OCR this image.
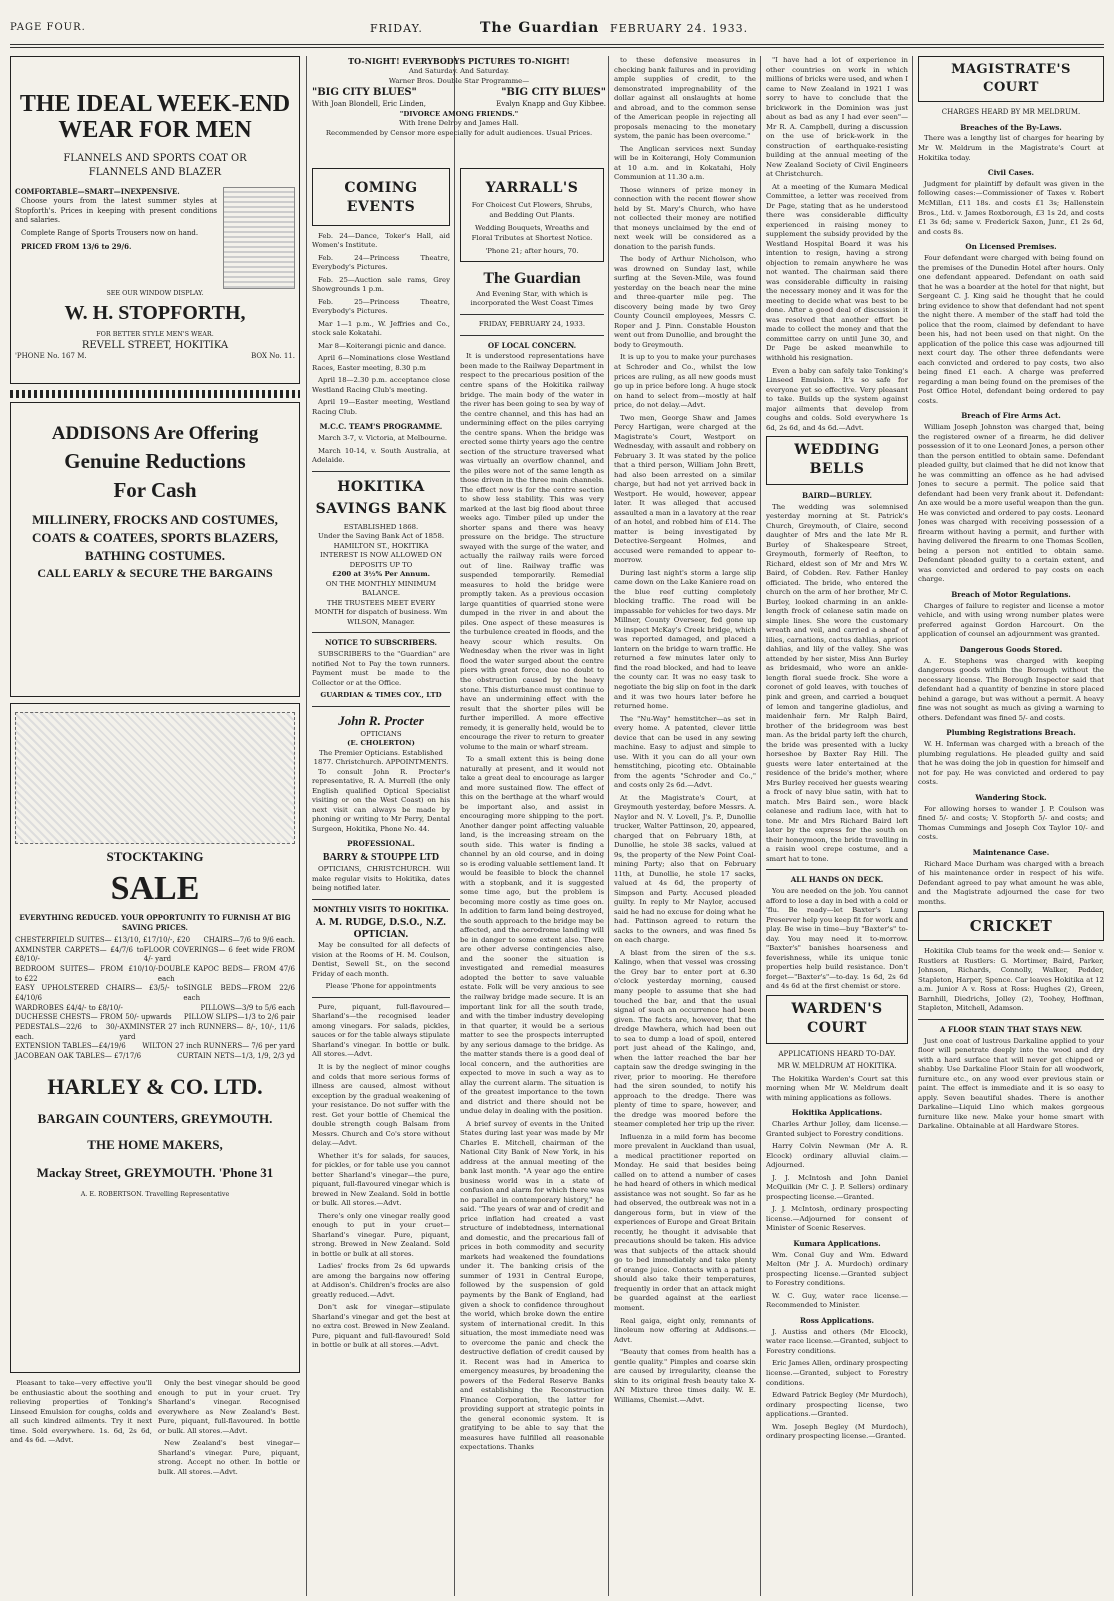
PAGE FOUR.	FRIDAY.	The Guardian FEBRUARY 24. 1933.
THE IDEAL WEEK-END
WEAR FOR MEN
FLANNELS AND SPORTS COAT OR FLANNELS AND BLAZER
COMFORTABLE—SMART—INEXPENSIVE.

Choose yours from the latest summer styles at Stopforth's. Prices in keeping with present conditions and salaries.

Complete Range of Sports Trousers now on hand.

PRICED FROM 13/6 to 29/6.

SEE OUR WINDOW DISPLAY.
W. H. STOPFORTH,
FOR BETTER STYLE MEN'S WEAR.
REVELL STREET, HOKITIKA
'PHONE No. 167 M.	BOX No. 11.
ADDISONS Are Offering
Genuine Reductions
For Cash
MILLINERY, FROCKS AND COSTUMES,
COATS & COATEES, SPORTS BLAZERS,
BATHING COSTUMES.
CALL EARLY & SECURE THE BARGAINS
STOCKTAKING
SALE
EVERYTHING REDUCED. YOUR OPPORTUNITY TO FURNISH AT BIG SAVING PRICES.
CHESTERFIELD SUITES— £13/10, £17/10/-, £20 CHAIRS—7/6 to 9/6 each.
AXMINSTER CARPETS— £4/7/6 to £8/10/-
FLOOR COVERINGS— 6 feet wide FROM 4/- yard
BEDROOM SUITES— FROM £10/10/- to £22
DOUBLE KAPOC BEDS— FROM 47/6 each
EASY UPHOLSTERED CHAIRS— £3/5/- to £4/10/6
SINGLE BEDS—FROM 22/6 each
WARDROBES £4/4/- to £8/10/-	PILLOWS—3/9 to 5/6 each
DUCHESSE CHESTS— FROM 50/- upwards PILLOW SLIPS—1/3 to 2/6 pair
PEDESTALS—22/6 to 30/- each.
AXMINSTER 27 inch RUNNERS— 8/-, 10/-, 11/6 yard
EXTENSION TABLES—£4/19/6 WILTON 27 inch RUNNERS— 7/6 per yard
JACOBEAN OAK TABLES— £7/17/6	CURTAIN NETS—1/3, 1/9, 2/3 yd
HARLEY & CO. LTD.
BARGAIN COUNTERS, GREYMOUTH.
THE HOME MAKERS,
Mackay Street, GREYMOUTH. 'Phone 31
A. E. ROBERTSON. Travelling Representative

Pleasant to take—very effective you'll be enthusiastic about the soothing and relieving properties of Tonking's Linseed Emulsion for coughs, colds and all such kindred ailments. Try it next time. Sold everywhere. 1s. 6d, 2s 6d, and 4s 6d. —Advt.

Only the best vinegar should be good enough to put in your cruet. Try Sharland's vinegar. Recognised everywhere as New Zealand's Best. Pure, piquant, full-flavoured. In bottle or bulk. All stores.—Advt.

New Zealand's best vinegar—Sharland's vinegar. Pure, piquant, strong. Accept no other. In bottle or bulk. All stores.—Advt.

TO-NIGHT! EVERYBODYS PICTURES TO-NIGHT!
And Saturday. And Saturday.
Warner Bros. Double Star Programme—
"BIG CITY BLUES"	"BIG CITY BLUES"
With Joan Blondell, Eric Linden,	Evalyn Knapp and Guy Kibbee.
"DIVORCE AMONG FRIENDS."
With Irene Delroy and James Hall.
Recommended by Censor more especially for adult audiences. Usual Prices.
COMING EVENTS

Feb. 24—Dance, Toker's Hall, aid Women's Institute.

Feb. 24—Princess Theatre, Everybody's Pictures.

Feb. 25—Auction sale rams, Grey Showgrounds 1 p.m.

Feb. 25—Princess Theatre, Everybody's Pictures.

Mar 1—1 p.m., W. Jeffries and Co., stock sale Kokatahi.

Mar 8—Koiterangi picnic and dance.

April 6—Nominations close Westland Races, Easter meeting, 8.30 p.m

April 18—2.30 p.m. acceptance close Westland Racing Club's meeting.

April 19—Easter meeting, Westland Racing Club.

M.C.C. TEAM'S PROGRAMME.

March 3-7, v. Victoria, at Melbourne.

March 10-14, v. South Australia, at Adelaide.

HOKITIKA
SAVINGS BANK
ESTABLISHED 1868.
Under the Saving Bank Act of 1858.
HAMILTON ST., HOKITIKA
INTEREST IS NOW ALLOWED ON DEPOSITS UP TO
£200 at 3½% Per Annum.
ON THE MONTHLY MINIMUM BALANCE.
THE TRUSTEES MEET EVERY MONTH for dispatch of business. Wm WILSON, Manager.
NOTICE TO SUBSCRIBERS.

SUBSCRIBERS to the "Guardian" are notified Not to Pay the town runners. Payment must be made to the Collector or at the Office.

GUARDIAN & TIMES COY., LTD
John R. Procter
OPTICIANS
(E. CHOLERTON)
The Premier Opticians. Established 1877. Christchurch. APPOINTMENTS.

To consult John R. Procter's representative, R. A. Murrell (the only English qualified Optical Specialist visiting or on the West Coast) on his next visit can always be made by phoning or writing to Mr Perry, Dental Surgeon, Hokitika, Phone No. 44.

PROFESSIONAL.
BARRY & STOUPPE LTD

OPTICIANS, CHRISTCHURCH. Will make regular visits to Hokitika, dates being notified later.

MONTHLY VISITS TO HOKITIKA.
A. M. RUDGE, D.S.O., N.Z. OPTICIAN.

May be consulted for all defects of vision at the Rooms of H. M. Coulson, Dentist, Sewell St., on the second Friday of each month.

Please 'Phone for appointments

Pure, piquant, full-flavoured—Sharland's—the recognised leader among vinegars. For salads, pickles, sauces or for the table always stipulate Sharland's vinegar. In bottle or bulk. All stores.—Advt.

It is by the neglect of minor coughs and colds that more serious forms of illness are caused, almost without exception by the gradual weakening of your resistance. Do not suffer with the rest. Get your bottle of Chemical the double strength cough Balsam from Messrs. Church and Co's store without delay.—Advt.

Whether it's for salads, for sauces, for pickles, or for table use you cannot better Sharland's vinegar—the pure, piquant, full-flavoured vinegar which is brewed in New Zealand. Sold in bottle or bulk. All stores.—Advt.

There's only one vinegar really good enough to put in your cruet—Sharland's vinegar. Pure, piquant, strong. Brewed in New Zealand. Sold in bottle or bulk at all stores.

Ladies' frocks from 2s 6d upwards are among the bargains now offering at Addison's. Children's frocks are also greatly reduced.—Advt.

Don't ask for vinegar—stipulate Sharland's vinegar and get the best at no extra cost. Brewed in New Zealand. Pure, piquant and full-flavoured! Sold in bottle or bulk at all stores.—Advt.

YARRALL'S
For Choicest Cut Flowers, Shrubs, and Bedding Out Plants.
Wedding Bouquets, Wreaths and Floral Tributes at Shortest Notice.
'Phone 21; after hours, 70.
The Guardian
And Evening Star, with which is incorporated the West Coast Times
FRIDAY, FEBRUARY 24, 1933.
OF LOCAL CONCERN.

It is understood representations have been made to the Railway Department in respect to the precarious position of the centre spans of the Hokitika railway bridge. The main body of the water in the river has been going to sea by way of the centre channel, and this has had an undermining effect on the piles carrying the centre spans. When the bridge was erected some thirty years ago the centre section of the structure traversed what was virtually an overflow channel, and the piles were not of the same length as those driven in the three main channels. The effect now is for the centre section to show less stability. This was very marked at the last big flood about three weeks ago. Timber piled up under the shorter spans and there was heavy pressure on the bridge. The structure swayed with the surge of the water, and actually the railway rails were forced out of line. Railway traffic was suspended temporarily. Remedial measures to hold the bridge were promptly taken. As a previous occasion large quantities of quarried stone were dumped in the river in and about the piles. One aspect of these measures is the turbulence created in floods, and the heavy scour which results. On Wednesday when the river was in light flood the water surged about the centre piers with great force, due no doubt to the obstruction caused by the heavy stone. This disturbance must continue to have an undermining effect with the result that the shorter piles will be further imperilled. A more effective remedy, it is generally held, would be to encourage the river to return to greater volume to the main or wharf stream.

To a small extent this is being done naturally at present, and it would not take a great deal to encourage as larger and more sustained flow. The effect of this on the berthage at the wharf would be important also, and assist in encouraging more shipping to the port. Another danger point affecting valuable land, is the increasing stream on the south side. This water is finding a channel by an old course, and in doing so is eroding valuable settlement land. It would be feasible to block the channel with a stopbank, and it is suggested some time ago, but the problem is becoming more costly as time goes on. In addition to farm land being destroyed, the south approach to the bridge may be affected, and the aerodrome landing will be in danger to some extent also. There are other adverse contingencies also, and the sooner the situation is investigated and remedial measures adopted the better to save valuable estate. Folk will be very anxious to see the railway bridge made secure. It is an important link for all the south trade, and with the timber industry developing in that quarter, it would be a serious matter to see the prospects interrupted by any serious damage to the bridge. As the matter stands there is a good deal of local concern, and the authorities are expected to move in such a way as to allay the current alarm. The situation is of the greatest importance to the town and district and there should not be undue delay in dealing with the position.

A brief survey of events in the United States during last year was made by Mr Charles E. Mitchell, chairman of the National City Bank of New York, in his address at the annual meeting of the bank last month. "A year ago the entire business world was in a state of confusion and alarm for which there was no parallel in contemporary history," he said. "The years of war and of credit and price inflation had created a vast structure of indebtedness, international and domestic, and the precarious fall of prices in both commodity and security markets had weakened the foundations under it. The banking crisis of the summer of 1931 in Central Europe, followed by the suspension of gold payments by the Bank of England, had given a shock to confidence throughout the world, which broke down the entire system of international credit. In this situation, the most immediate need was to overcome the panic and check the destructive deflation of credit caused by it. Recent was had in America to emergency measures, by broadening the powers of the Federal Reserve Banks and establishing the Reconstruction Finance Corporation, the latter for providing support at strategic points in the general economic system. It is gratifying to be able to say that the measures have fulfilled all reasonable expectations. Thanks

to these defensive measures in checking bank failures and in providing ample supplies of credit, to the demonstrated impregnability of the dollar against all onslaughts at home and abroad, and to the common sense of the American people in rejecting all proposals menacing to the monetary system, the panic has been overcome."

The Anglican services next Sunday will be in Koiterangi, Holy Communion at 10 a.m. and in Kokatahi, Holy Communion at 11.30 a.m.

Those winners of prize money in connection with the recent flower show held by St. Mary's Church, who have not collected their money are notified that moneys unclaimed by the end of next week will be considered as a donation to the parish funds.

The body of Arthur Nicholson, who was drowned on Sunday last, while surfing at the Seven-Mile, was found yesterday on the beach near the mine and three-quarter mile peg. The discovery being made by two Grey County Council employees, Messrs C. Roper and J. Pinn. Constable Houston went out from Dunollie, and brought the body to Greymouth.

It is up to you to make your purchases at Schroder and Co., whilst the low prices are ruling, as all new goods must go up in price before long. A huge stock on hand to select from—mostly at half price, do not delay.—Advt.

Two men, George Shaw and James Percy Hartigan, were charged at the Magistrate's Court, Westport on Wednesday, with assault and robbery on February 3. It was stated by the police that a third person, William John Brett, had also been arrested on a similar charge, but had not yet arrived back in Westport. He would, however, appear later. It was alleged that accused assaulted a man in a lavatory at the rear of an hotel, and robbed him of £14. The matter is being investigated by Detective-Sergeant Holmes, and accused were remanded to appear to-morrow.

During last night's storm a large slip came down on the Lake Kaniere road on the blue reef cutting completely blocking traffic. The road will be impassable for vehicles for two days. Mr Millner, County Overseer, fed gone up to inspect McKay's Creek bridge, which was reported damaged, and placed a lantern on the bridge to warn traffic. He returned a few minutes later only to find the road blocked, and had to leave the county car. It was no easy task to negotiate the big slip on foot in the dark and it was two hours later before he returned home.

The "Nu-Way" hemstitcher—as set in every home. A patented, clever little device that can be used in any sewing machine. Easy to adjust and simple to use. With it you can do all your own hemstitching, picoting etc. Obtainable from the agents "Schroder and Co.," and costs only 2s 6d.—Advt.

At the Magistrate's Court, at Greymouth yesterday, before Messrs. A. Naylor and N. V. Lovell, J's. P., Dunollie trucker, Walter Pattinson, 20, appeared, charged that on February 18th, at Dunollie, he stole 38 sacks, valued at 9s, the property of the New Point Coal-mining Party; also that on February 11th, at Dunollie, he stole 17 sacks, valued at 4s 6d, the property of Simpson and Party. Accused pleaded guilty. In reply to Mr Naylor, accused said he had no excuse for doing what he had. Pattinson agreed to return the sacks to the owners, and was fined 5s on each charge.

A blast from the siren of the s.s. Kalingo, when that vessel was crossing the Grey bar to enter port at 6.30 o'clock yesterday morning, caused many people to assume that she had touched the bar, and that the usual signal of such an occurrence had been given. The facts are, however, that the dredge Mawhera, which had been out to sea to dump a load of spoil, entered port just ahead of the Kalingo, and, when the latter reached the bar her captain saw the dredge swinging in the river, prior to mooring. He therefore had the siren sounded, to notify his approach to the dredge. There was plenty of time to spare, however, and the dredge was moored before the steamer completed her trip up the river.

Influenza in a mild form has become more prevalent in Auckland than usual, a medical practitioner reported on Monday. He said that besides being called on to attend a number of cases he had heard of others in which medical assistance was not sought. So far as he had observed, the outbreak was not in a dangerous form, but in view of the experiences of Europe and Great Britain recently, he thought it advisable that precautions should be taken. His advice was that subjects of the attack should go to bed immediately and take plenty of orange juice. Contacts with a patient should also take their temperatures, frequently in order that an attack might be guarded against at the earliest moment.

Real gaiga, eight only, remnants of linoleum now offering at Addisons.—Advt.

"Beauty that comes from health has a gentle quality." Pimples and coarse skin are caused by irregularity, cleanse the skin to its original fresh beauty take X-AN Mixture three times daily. W. E. Williams, Chemist.—Advt.

"I have had a lot of experience in other countries on work in which millions of bricks were used, and when I came to New Zealand in 1921 I was sorry to have to conclude that the brickwork in the Dominion was just about as bad as any I had ever seen"—Mr R. A. Campbell, during a discussion on the use of brick-work in the construction of earthquake-resisting building at the annual meeting of the New Zealand Society of Civil Engineers at Christchurch.

At a meeting of the Kumara Medical Committee, a letter was received from Dr Page, stating that as he understood there was considerable difficulty experienced in raising money to supplement the subsidy provided by the Westland Hospital Board it was his intention to resign, having a strong objection to remain anywhere he was not wanted. The chairman said there was considerable difficulty in raising the necessary money and it was for the meeting to decide what was best to be done. After a good deal of discussion it was resolved that another effort be made to collect the money and that the committee carry on until June 30, and Dr Page be asked meanwhile to withhold his resignation.

Even a baby can safely take Tonking's Linseed Emulsion. It's so safe for everyone yet so effective. Very pleasant to take. Builds up the system against major ailments that develop from coughs and colds. Sold everywhere 1s 6d, 2s 6d, and 4s 6d.—Advt.

WEDDING BELLS
BAIRD—BURLEY.

The wedding was solemnised yesterday morning at St. Patrick's Church, Greymouth, of Claire, second daughter of Mrs and the late Mr R. Burley of Shakespeare Street, Greymouth, formerly of Reefton, to Richard, eldest son of Mr and Mrs W. Baird, of Cobden. Rev. Father Hanley officiated. The bride, who entered the church on the arm of her brother, Mr C. Burley, looked charming in an ankle-length frock of celanese satin made on simple lines. She wore the customary wreath and veil, and carried a sheaf of lilies, carnations, cactus dahlias, apricot dahlias, and lily of the valley. She was attended by her sister, Miss Ann Burley as bridesmaid, who wore an ankle-length floral suede frock. She wore a coronet of gold leaves, with touches of pink and green, and carried a bouquet of lemon and tangerine gladiolus, and maidenhair fern. Mr Ralph Baird, brother of the bridegroom was best man. As the bridal party left the church, the bride was presented with a lucky horseshoe by Baxter Ray Hill. The guests were later entertained at the residence of the bride's mother, where Mrs Burley received her guests wearing a frock of navy blue satin, with hat to match. Mrs Baird sen., wore black celanese and radium lace, with hat to tone. Mr and Mrs Richard Baird left later by the express for the south on their honeymoon, the bride travelling in a raisin wool crepe costume, and a smart hat to tone.

ALL HANDS ON DECK.

You are needed on the job. You cannot afford to lose a day in bed with a cold or 'flu. Be ready—let Baxter's Lung Preserver help you keep fit for work and play. Be wise in time—buy "Baxter's" to-day. You may need it to-morrow. "Baxter's" banishes hoarseness and feverishness, while its unique tonic properties help build resistance. Don't forget—"Baxter's"—to-day. 1s 6d, 2s 6d and 4s 6d at the first chemist or store.

WARDEN'S COURT
APPLICATIONS HEARD TO-DAY.
MR W. MELDRUM AT HOKITIKA.

The Hokitika Warden's Court sat this morning when Mr W. Meldrum dealt with mining applications as follows.

Hokitika Applications.

Charles Arthur Jolley, dam license.—Granted subject to Forestry conditions.

Harry Colvin Newman (Mr A. R. Elcock) ordinary alluvial claim.—Adjourned.

J. J. McIntosh and John Daniel McQuilkin (Mr C. J. P. Sellers) ordinary prospecting license.—Granted.

J. J. McIntosh, ordinary prospecting license.—Adjourned for consent of Minister of Scenic Reserves.

Kumara Applications.

Wm. Conal Guy and Wm. Edward Melton (Mr J. A. Murdoch) ordinary prospecting license.—Granted subject to Forestry conditions.

W. C. Guy, water race license.—Recommended to Minister.

Ross Applications.

J. Austiss and others (Mr Elcock), water race license.—Granted, subject to Forestry conditions.

Eric James Allen, ordinary prospecting license.—Granted, subject to Forestry conditions.

Edward Patrick Begley (Mr Murdoch), ordinary prospecting license, two applications.—Granted.

Wm. Joseph Begley (M Murdoch), ordinary prospecting license.—Granted.

MAGISTRATE'S COURT
CHARGES HEARD BY MR MELDRUM.
Breaches of the By-Laws.

There was a lengthy list of charges for hearing by Mr W. Meldrum in the Magistrate's Court at Hokitika today.

Civil Cases.

Judgment for plaintiff by default was given in the following cases:—Commissioner of Taxes v. Robert McMillan, £11 18s. and costs £1 3s; Hallenstein Bros., Ltd. v. James Roxborough, £3 1s 2d, and costs £1 3s 6d; same v. Frederick Saxon, Junr., £1 2s 6d, and costs 8s.

On Licensed Premises.

Four defendant were charged with being found on the premises of the Dunedin Hotel after hours. Only one defendant appeared. Defendant on oath said that he was a boarder at the hotel for that night, but Sergeant C. J. King said he thought that he could bring evidence to show that defendant had not spent the night there. A member of the staff had told the police that the room, claimed by defendant to have been his, had not been used on that night. On the application of the police this case was adjourned till next court day. The other three defendants were each convicted and ordered to pay costs, two also being fined £1 each. A charge was preferred regarding a man being found on the premises of the Post Office Hotel, defendant being ordered to pay costs.

Breach of Fire Arms Act.

William Joseph Johnston was charged that, being the registered owner of a firearm, he did deliver possession of it to one Leonard Jones, a person other than the person entitled to obtain same. Defendant pleaded guilty, but claimed that he did not know that he was committing an offence as he had advised Jones to secure a permit. The police said that defendant had been very frank about it. Defendant: An axe would be a more useful weapon than the gun. He was convicted and ordered to pay costs. Leonard Jones was charged with receiving possession of a firearm without having a permit, and further with having delivered the firearm to one Thomas Scollen, being a person not entitled to obtain same. Defendant pleaded guilty to a certain extent, and was convicted and ordered to pay costs on each charge.

Breach of Motor Regulations.

Charges of failure to register and license a motor vehicle, and with using wrong number plates were preferred against Gordon Harcourt. On the application of counsel an adjournment was granted.

Dangerous Goods Stored.

A. E. Stephens was charged with keeping dangerous goods within the Borough without the necessary license. The Borough Inspector said that defendant had a quantity of benzine in store placed behind a garage, but was without a permit. A heavy fine was not sought as much as giving a warning to others. Defendant was fined 5/- and costs.

Plumbing Registrations Breach.

W. H. Inferman was charged with a breach of the plumbing regulations. He pleaded guilty and said that he was doing the job in question for himself and not for pay. He was convicted and ordered to pay costs.

Wandering Stock.

For allowing horses to wander J. P. Coulson was fined 5/- and costs; V. Stopforth 5/- and costs; and Thomas Cummings and Joseph Cox Taylor 10/- and costs.

Maintenance Case.

Richard Mace Durham was charged with a breach of his maintenance order in respect of his wife. Defendant agreed to pay what amount he was able, and the Magistrate adjourned the case for two months.

CRICKET

Hokitika Club teams for the week end:— Senior v. Rustlers at Rustlers: G. Mortimer, Baird, Parker, Johnson, Richards, Connolly, Walker, Pedder, Stapleton, Harper, Spence. Car leaves Hokitika at 12 a.m. Junior A v. Ross at Ross: Hughes (2), Green, Barnhill, Diedrichs, Jolley (2), Toohey, Hoffman, Stapleton, Mitchell, Adamson.

A FLOOR STAIN THAT STAYS NEW.

Just one coat of lustrous Darkaline applied to your floor will penetrate deeply into the wood and dry with a hard surface that will never get chipped or shabby. Use Darkaline Floor Stain for all woodwork, furniture etc., on any wood ever previous stain or paint. The effect is immediate and it is so easy to apply. Seven beautiful shades. There is another Darkaline—Liquid Lino which makes gorgeous furniture like new. Make your home smart with Darkaline. Obtainable at all Hardware Stores.
